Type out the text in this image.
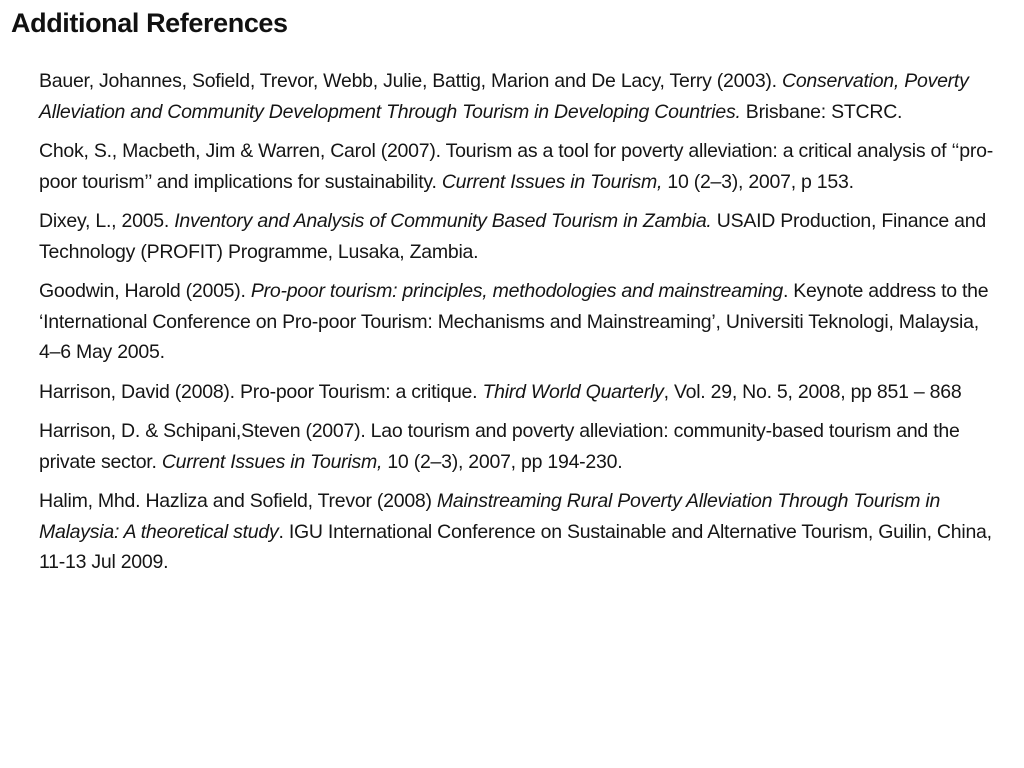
Additional References

Bauer, Johannes, Sofield, Trevor, Webb, Julie, Battig, Marion and De Lacy, Terry (2003). Conservation, Poverty Alleviation and Community Development Through Tourism in Developing Countries. Brisbane: STCRC.

Chok, S., Macbeth, Jim & Warren, Carol (2007). Tourism as a tool for poverty alleviation: a critical analysis of ‘‘pro-poor tourism’’ and implications for sustainability. Current Issues in Tourism, 10 (2–3), 2007, p 153.

Dixey, L., 2005. Inventory and Analysis of Community Based Tourism in Zambia. USAID Production, Finance and Technology (PROFIT) Programme, Lusaka, Zambia.

Goodwin, Harold (2005). Pro-poor tourism: principles, methodologies and mainstreaming. Keynote address to the ‘International Conference on Pro-poor Tourism: Mechanisms and Mainstreaming’, Universiti Teknologi, Malaysia, 4–6 May 2005.

Harrison, David (2008). Pro-poor Tourism: a critique. Third World Quarterly, Vol. 29, No. 5, 2008, pp 851 – 868

Harrison, D. & Schipani,Steven (2007). Lao tourism and poverty alleviation: community-based tourism and the private sector. Current Issues in Tourism, 10 (2–3), 2007, pp 194-230.

Halim, Mhd. Hazliza and Sofield, Trevor (2008) Mainstreaming Rural Poverty Alleviation Through Tourism in Malaysia: A theoretical study. IGU International Conference on Sustainable and Alternative Tourism, Guilin, China, 11-13 Jul 2009.
